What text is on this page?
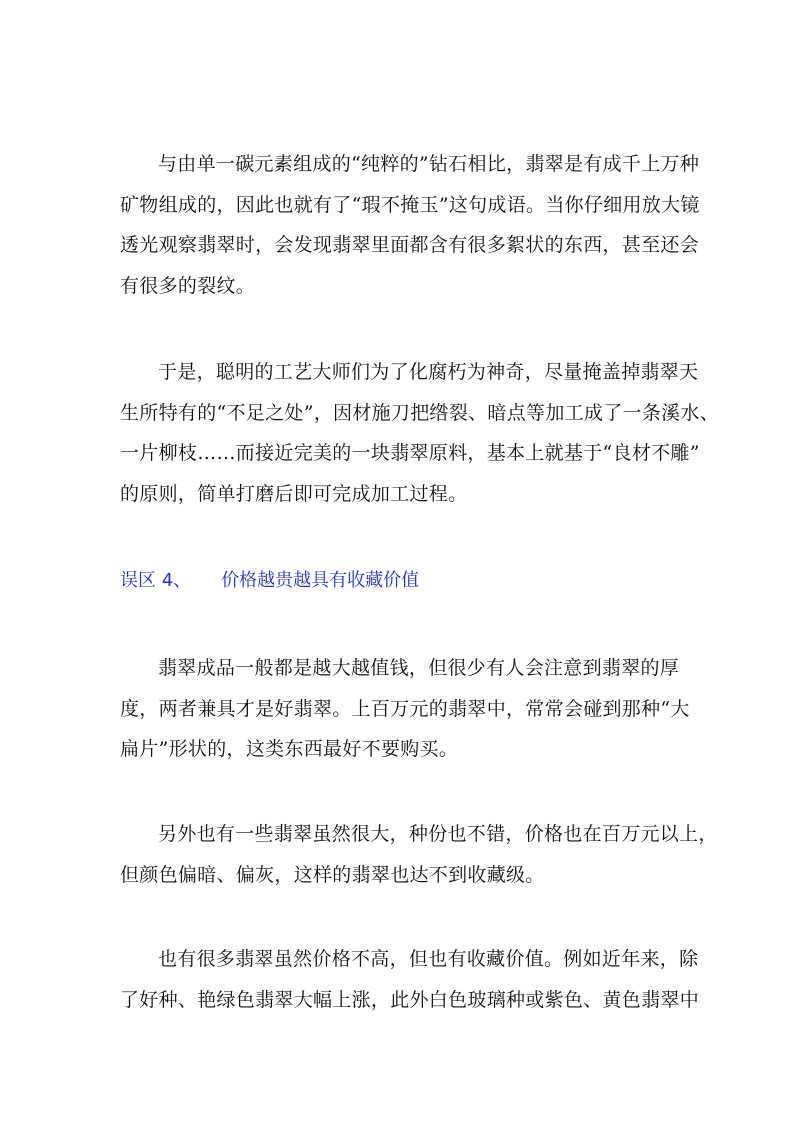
与由单一碳元素组成的“纯粹的”钻石相比，翡翠是有成千上万种
矿物组成的，因此也就有了“瑕不掩玉”这句成语。当你仔细用放大镜
透光观察翡翠时，会发现翡翠里面都含有很多絮状的东西，甚至还会
有很多的裂纹。
于是，聪明的工艺大师们为了化腐朽为神奇，尽量掩盖掉翡翠天
生所特有的“不足之处”，因材施刀把绺裂、暗点等加工成了一条溪水、
一片柳枝……而接近完美的一块翡翠原料，基本上就基于“良材不雕”
的原则，简单打磨后即可完成加工过程。
误区 4、 价格越贵越具有收藏价值
翡翠成品一般都是越大越值钱，但很少有人会注意到翡翠的厚
度，两者兼具才是好翡翠。上百万元的翡翠中，常常会碰到那种“大
扁片”形状的，这类东西最好不要购买。
另外也有一些翡翠虽然很大，种份也不错，价格也在百万元以上，
但颜色偏暗、偏灰，这样的翡翠也达不到收藏级。
也有很多翡翠虽然价格不高，但也有收藏价值。例如近年来，除
了好种、艳绿色翡翠大幅上涨，此外白色玻璃种或紫色、黄色翡翠中
